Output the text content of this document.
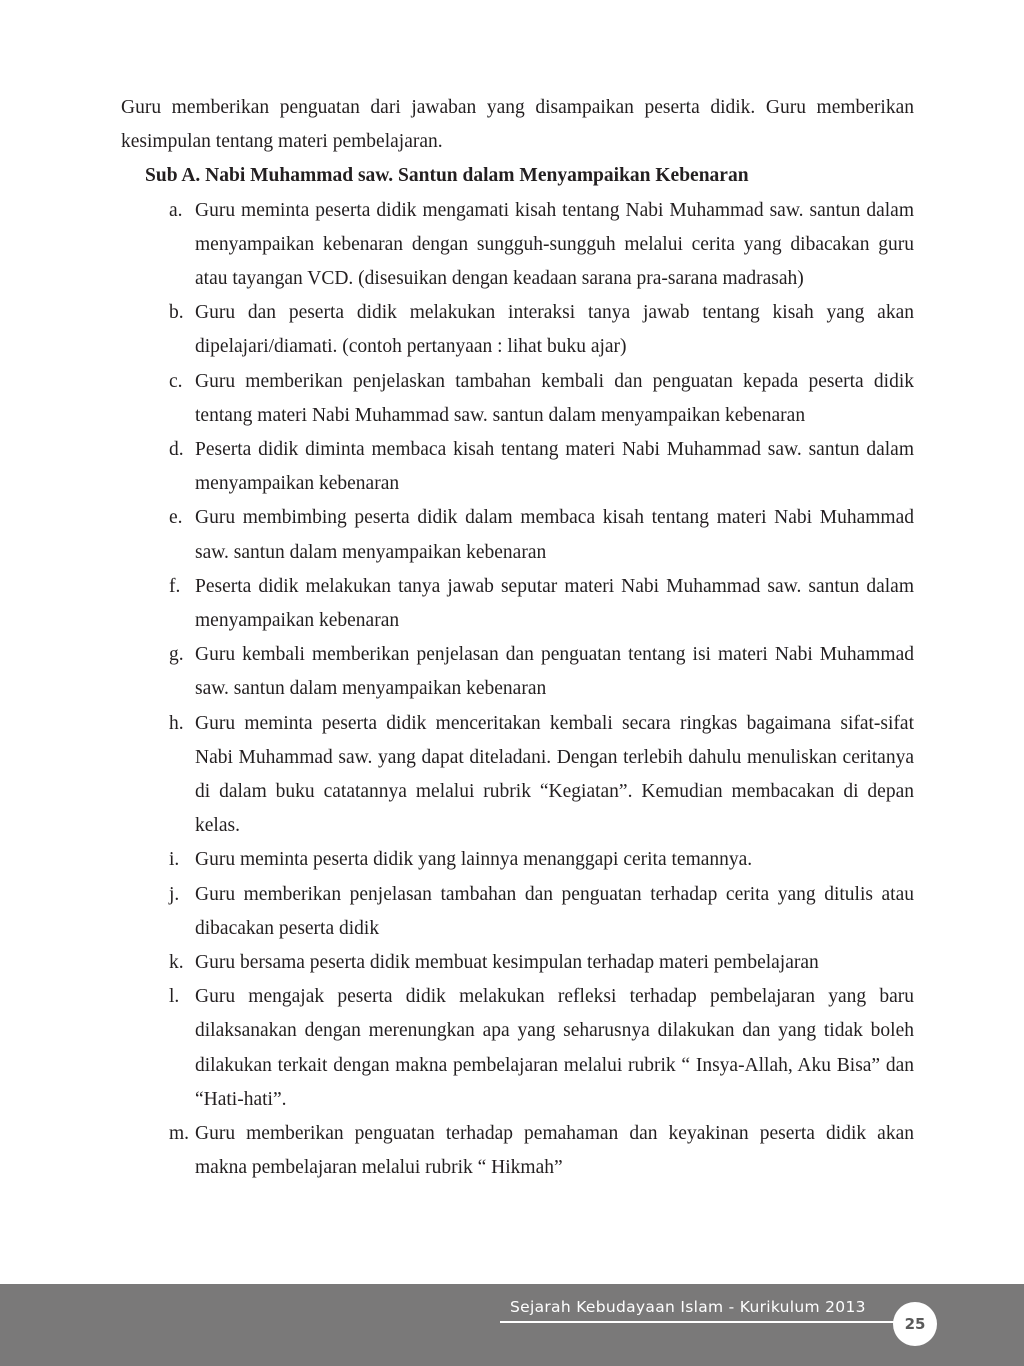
Guru memberikan penguatan dari jawaban yang disampaikan peserta didik. Guru memberikan kesimpulan tentang materi pembelajaran.

Sub A. Nabi Muhammad saw. Santun dalam Menyampaikan Kebenaran

a. Guru meminta peserta didik mengamati kisah tentang Nabi Muhammad saw. santun dalam menyampaikan kebenaran dengan sungguh-sungguh melalui cerita yang dibacakan guru atau tayangan VCD. (disesuikan dengan keadaan sarana pra-sarana madrasah)
b. Guru dan peserta didik melakukan interaksi tanya jawab tentang kisah yang akan dipelajari/diamati. (contoh pertanyaan : lihat buku ajar)
c. Guru memberikan penjelaskan tambahan kembali dan penguatan kepada peserta didik tentang materi Nabi Muhammad saw. santun dalam menyampaikan kebenaran
d. Peserta didik diminta membaca kisah tentang materi Nabi Muhammad saw. santun dalam menyampaikan kebenaran
e. Guru membimbing peserta didik dalam membaca kisah tentang materi Nabi Muhammad saw. santun dalam menyampaikan kebenaran
f. Peserta didik melakukan tanya jawab seputar materi Nabi Muhammad saw. santun dalam menyampaikan kebenaran
g. Guru kembali memberikan penjelasan dan penguatan tentang isi materi Nabi Muhammad saw. santun dalam menyampaikan kebenaran
h. Guru meminta peserta didik menceritakan kembali secara ringkas bagaimana sifat-sifat Nabi Muhammad saw. yang dapat diteladani. Dengan terlebih dahulu menuliskan ceritanya di dalam buku catatannya melalui rubrik “Kegiatan”. Kemudian membacakan di depan kelas.
i. Guru meminta peserta didik yang lainnya menanggapi cerita temannya.
j. Guru memberikan penjelasan tambahan dan penguatan terhadap cerita yang ditulis atau dibacakan peserta didik
k. Guru bersama peserta didik membuat kesimpulan terhadap materi pembelajaran
l. Guru mengajak peserta didik melakukan refleksi terhadap pembelajaran yang baru dilaksanakan dengan merenungkan apa yang seharusnya dilakukan dan yang tidak boleh dilakukan terkait dengan makna pembelajaran melalui rubrik “ Insya-Allah, Aku Bisa” dan “Hati-hati”.
m. Guru memberikan penguatan terhadap pemahaman dan keyakinan peserta didik akan makna pembelajaran melalui rubrik “ Hikmah”
Sejarah Kebudayaan Islam - Kurikulum 2013
25
